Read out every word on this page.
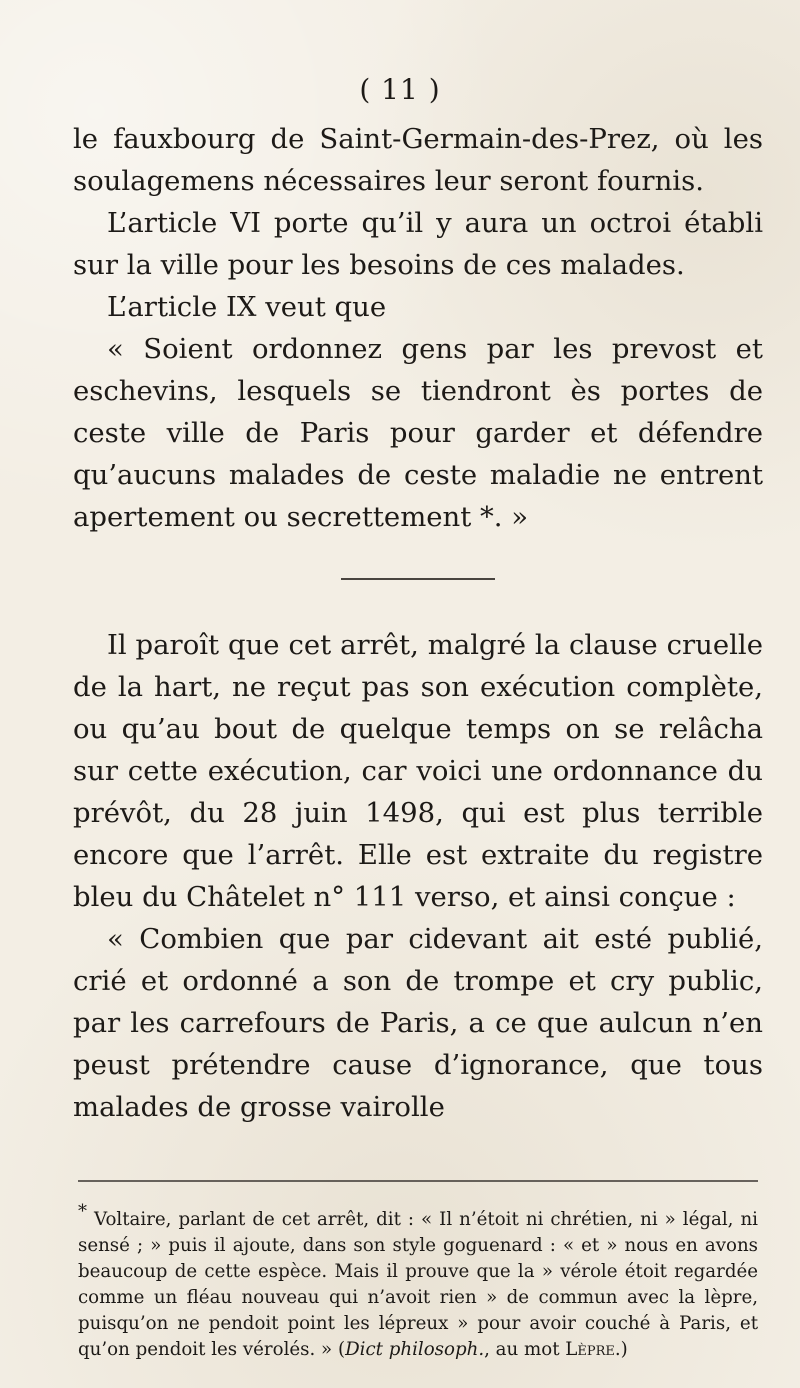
( 11 )

le fauxbourg de Saint-Germain-des-Prez, où les soulagemens nécessaires leur seront fournis.

L’article VI porte qu’il y aura un octroi établi sur la ville pour les besoins de ces malades.

L’article IX veut que

« Soient ordonnez gens par les prevost et eschevins, lesquels se tiendront ès portes de ceste ville de Paris pour garder et défendre qu’aucuns malades de ceste maladie ne entrent apertement ou secrettement *. »

Il paroît que cet arrêt, malgré la clause cruelle de la hart, ne reçut pas son exécution complète, ou qu’au bout de quelque temps on se relâcha sur cette exécution, car voici une ordonnance du prévôt, du 28 juin 1498, qui est plus terrible encore que l’arrêt. Elle est extraite du registre bleu du Châtelet n° 111 verso, et ainsi conçue :

« Combien que par cidevant ait esté publié, crié et ordonné a son de trompe et cry public, par les carrefours de Paris, a ce que aulcun n’en peust prétendre cause d’ignorance, que tous malades de grosse vairolle

* Voltaire, parlant de cet arrêt, dit : « Il n’étoit ni chrétien, ni » légal, ni sensé ; » puis il ajoute, dans son style goguenard : « et » nous en avons beaucoup de cette espèce. Mais il prouve que la » vérole étoit regardée comme un fléau nouveau qui n’avoit rien » de commun avec la lèpre, puisqu’on ne pendoit point les lépreux » pour avoir couché à Paris, et qu’on pendoit les vérolés. » (Dict philosoph., au mot Lèpre.)
